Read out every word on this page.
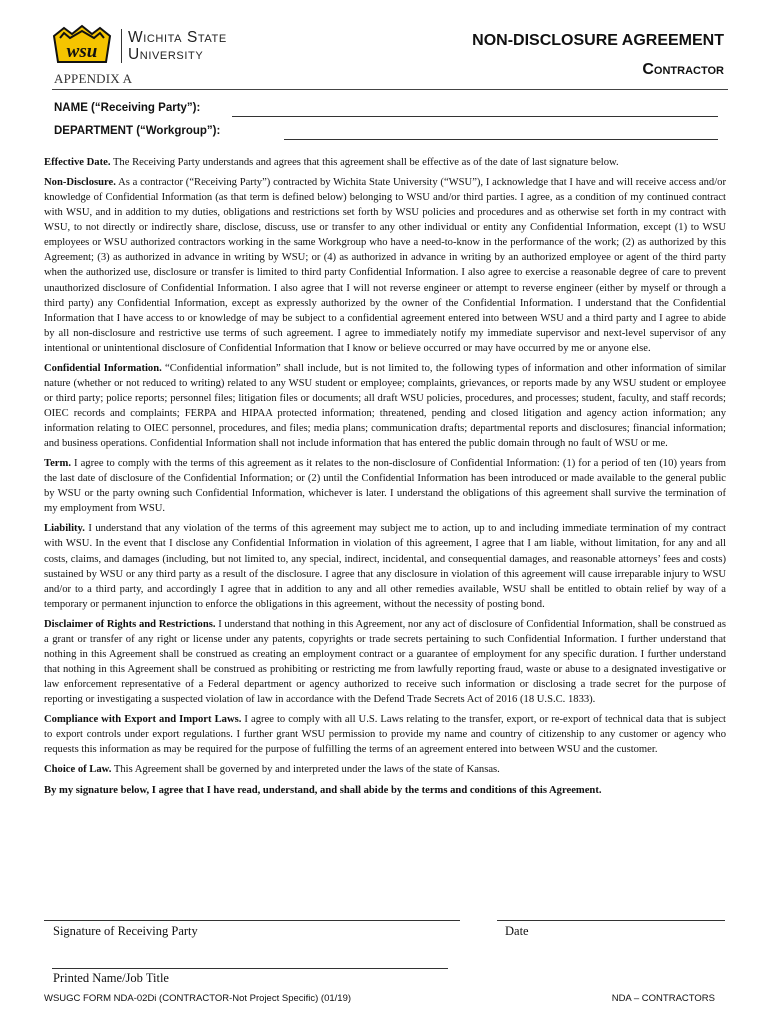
wsu
Wichita State
University
APPENDIX A
NON-DISCLOSURE AGREEMENT
Contractor
NAME (“Receiving Party”):
DEPARTMENT (“Workgroup”):

Effective Date. The Receiving Party understands and agrees that this agreement shall be effective as of the date of last signature below.

Non-Disclosure. As a contractor (“Receiving Party”) contracted by Wichita State University (“WSU”), I acknowledge that I have and will receive access and/or knowledge of Confidential Information (as that term is defined below) belonging to WSU and/or third parties. I agree, as a condition of my continued contract with WSU, and in addition to my duties, obligations and restrictions set forth by WSU policies and procedures and as otherwise set forth in my contract with WSU, to not directly or indirectly share, disclose, discuss, use or transfer to any other individual or entity any Confidential Information, except (1) to WSU employees or WSU authorized contractors working in the same Workgroup who have a need-to-know in the performance of the work; (2) as authorized by this Agreement; (3) as authorized in advance in writing by WSU; or (4) as authorized in advance in writing by an authorized employee or agent of the third party when the authorized use, disclosure or transfer is limited to third party Confidential Information. I also agree to exercise a reasonable degree of care to prevent unauthorized disclosure of Confidential Information. I also agree that I will not reverse engineer or attempt to reverse engineer (either by myself or through a third party) any Confidential Information, except as expressly authorized by the owner of the Confidential Information. I understand that the Confidential Information that I have access to or knowledge of may be subject to a confidential agreement entered into between WSU and a third party and I agree to abide by all non-disclosure and restrictive use terms of such agreement. I agree to immediately notify my immediate supervisor and next-level supervisor of any intentional or unintentional disclosure of Confidential Information that I know or believe occurred or may have occurred by me or anyone else.

Confidential Information. “Confidential information” shall include, but is not limited to, the following types of information and other information of similar nature (whether or not reduced to writing) related to any WSU student or employee; complaints, grievances, or reports made by any WSU student or employee or third party; police reports; personnel files; litigation files or documents; all draft WSU policies, procedures, and processes; student, faculty, and staff records; OIEC records and complaints; FERPA and HIPAA protected information; threatened, pending and closed litigation and agency action information; any information relating to OIEC personnel, procedures, and files; media plans; communication drafts; departmental reports and disclosures; financial information; and business operations. Confidential Information shall not include information that has entered the public domain through no fault of WSU or me.

Term. I agree to comply with the terms of this agreement as it relates to the non-disclosure of Confidential Information: (1) for a period of ten (10) years from the last date of disclosure of the Confidential Information; or (2) until the Confidential Information has been introduced or made available to the general public by WSU or the party owning such Confidential Information, whichever is later. I understand the obligations of this agreement shall survive the termination of my employment from WSU.

Liability. I understand that any violation of the terms of this agreement may subject me to action, up to and including immediate termination of my contract with WSU. In the event that I disclose any Confidential Information in violation of this agreement, I agree that I am liable, without limitation, for any and all costs, claims, and damages (including, but not limited to, any special, indirect, incidental, and consequential damages, and reasonable attorneys’ fees and costs) sustained by WSU or any third party as a result of the disclosure. I agree that any disclosure in violation of this agreement will cause irreparable injury to WSU and/or to a third party, and accordingly I agree that in addition to any and all other remedies available, WSU shall be entitled to obtain relief by way of a temporary or permanent injunction to enforce the obligations in this agreement, without the necessity of posting bond.

Disclaimer of Rights and Restrictions. I understand that nothing in this Agreement, nor any act of disclosure of Confidential Information, shall be construed as a grant or transfer of any right or license under any patents, copyrights or trade secrets pertaining to such Confidential Information. I further understand that nothing in this Agreement shall be construed as creating an employment contract or a guarantee of employment for any specific duration. I further understand that nothing in this Agreement shall be construed as prohibiting or restricting me from lawfully reporting fraud, waste or abuse to a designated investigative or law enforcement representative of a Federal department or agency authorized to receive such information or disclosing a trade secret for the purpose of reporting or investigating a suspected violation of law in accordance with the Defend Trade Secrets Act of 2016 (18 U.S.C. 1833).

Compliance with Export and Import Laws. I agree to comply with all U.S. Laws relating to the transfer, export, or re-export of technical data that is subject to export controls under export regulations. I further grant WSU permission to provide my name and country of citizenship to any customer or agency who requests this information as may be required for the purpose of fulfilling the terms of an agreement entered into between WSU and the customer.

Choice of Law. This Agreement shall be governed by and interpreted under the laws of the state of Kansas.

By my signature below, I agree that I have read, understand, and shall abide by the terms and conditions of this Agreement.

Signature of Receiving Party	Date
Printed Name/Job Title
WSUGC FORM NDA-02Di (CONTRACTOR-Not Project Specific) (01/19)	NDA – CONTRACTORS
